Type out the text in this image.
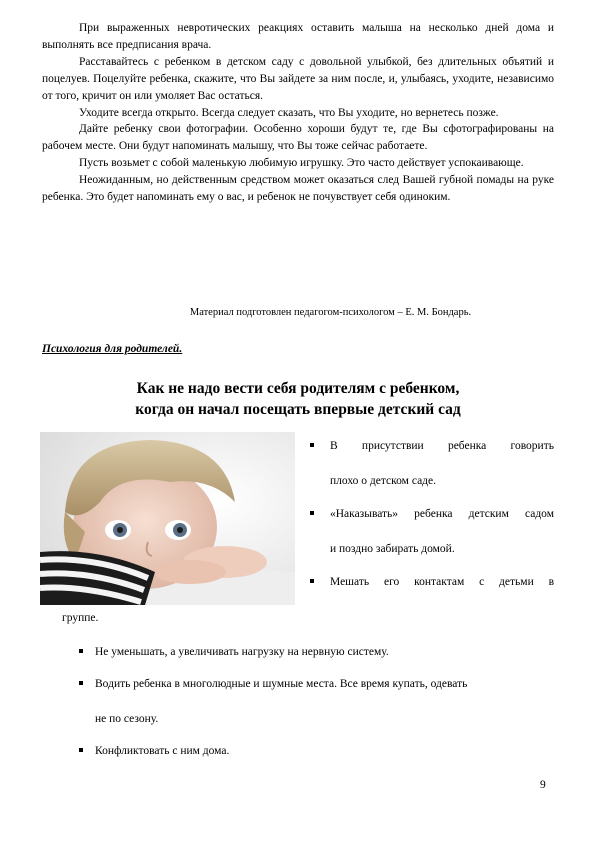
При выраженных невротических реакциях оставить малыша на несколько дней дома и выполнять все предписания врача.

Расставайтесь с ребенком в детском саду с довольной улыбкой, без длительных объятий и поцелуев. Поцелуйте ребенка, скажите, что Вы зайдете за ним после, и, улыбаясь, уходите, независимо от того, кричит он или умоляет Вас остаться.

Уходите всегда открыто. Всегда следует сказать, что Вы уходите, но вернетесь позже.

Дайте ребенку свои фотографии. Особенно хороши будут те, где Вы сфотографированы на рабочем месте. Они будут напоминать малышу, что Вы тоже сейчас работаете.

Пусть возьмет с собой маленькую любимую игрушку. Это часто действует успокаивающе.

Неожиданным, но действенным средством может оказаться след Вашей губной помады на руке ребенка. Это будет напоминать ему о вас, и ребенок не почувствует себя одиноким.

Материал подготовлен педагогом-психологом – Е. М. Бондарь.
Психология для родителей.
Как не надо вести себя родителям с ребенком,
когда он начал посещать впервые детский сад
В присутствии ребенка говорить
плохо о детском саде.
«Наказывать» ребенка детским садом
и поздно забирать домой.
Мешать его контактам с детьми в
группе.
Не уменьшать, а увеличивать нагрузку на нервную систему.
Водить ребенка в многолюдные и шумные места. Все время купать, одевать
не по сезону.
Конфликтовать с ним дома.
9
